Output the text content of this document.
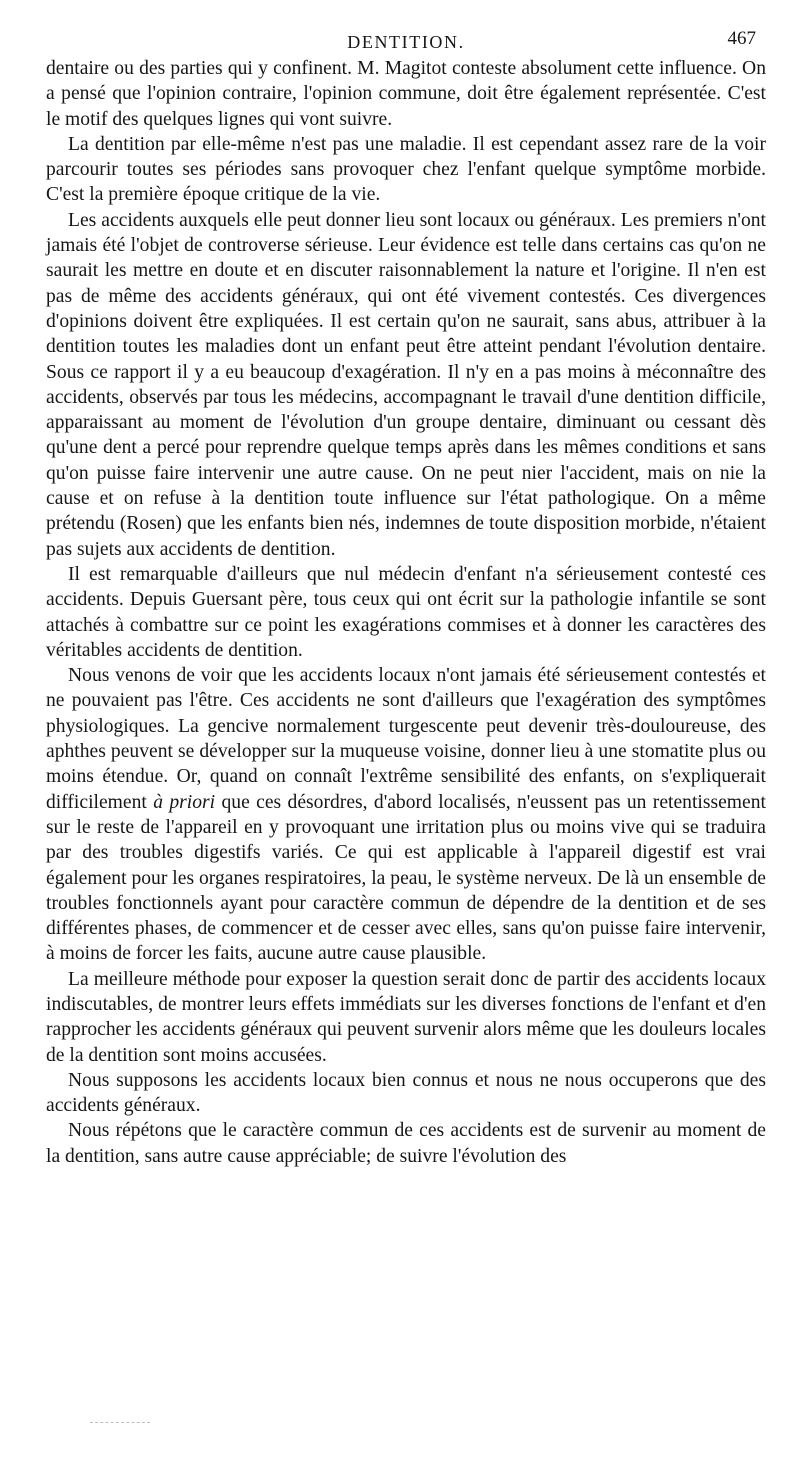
DENTITION.	467

dentaire ou des parties qui y confinent. M. Magitot conteste absolument cette influence. On a pensé que l'opinion contraire, l'opinion commune, doit être également représentée. C'est le motif des quelques lignes qui vont suivre.

La dentition par elle-même n'est pas une maladie. Il est cependant assez rare de la voir parcourir toutes ses périodes sans provoquer chez l'enfant quelque symptôme morbide. C'est la première époque critique de la vie.

Les accidents auxquels elle peut donner lieu sont locaux ou généraux. Les premiers n'ont jamais été l'objet de controverse sérieuse. Leur évidence est telle dans certains cas qu'on ne saurait les mettre en doute et en discuter raisonnablement la nature et l'origine. Il n'en est pas de même des accidents généraux, qui ont été vivement contestés. Ces divergences d'opinions doivent être expliquées. Il est certain qu'on ne saurait, sans abus, attribuer à la dentition toutes les maladies dont un enfant peut être atteint pendant l'évolution dentaire. Sous ce rapport il y a eu beaucoup d'exagération. Il n'y en a pas moins à méconnaître des accidents, observés par tous les médecins, accompagnant le travail d'une dentition difficile, apparaissant au moment de l'évolution d'un groupe dentaire, diminuant ou cessant dès qu'une dent a percé pour reprendre quelque temps après dans les mêmes conditions et sans qu'on puisse faire intervenir une autre cause. On ne peut nier l'accident, mais on nie la cause et on refuse à la dentition toute influence sur l'état pathologique. On a même prétendu (Rosen) que les enfants bien nés, indemnes de toute disposition morbide, n'étaient pas sujets aux accidents de dentition.

Il est remarquable d'ailleurs que nul médecin d'enfant n'a sérieusement contesté ces accidents. Depuis Guersant père, tous ceux qui ont écrit sur la pathologie infantile se sont attachés à combattre sur ce point les exagérations commises et à donner les caractères des véritables accidents de dentition.

Nous venons de voir que les accidents locaux n'ont jamais été sérieusement contestés et ne pouvaient pas l'être. Ces accidents ne sont d'ailleurs que l'exagération des symptômes physiologiques. La gencive normalement turgescente peut devenir très-douloureuse, des aphthes peuvent se développer sur la muqueuse voisine, donner lieu à une stomatite plus ou moins étendue. Or, quand on connaît l'extrême sensibilité des enfants, on s'expliquerait difficilement à priori que ces désordres, d'abord localisés, n'eussent pas un retentissement sur le reste de l'appareil en y provoquant une irritation plus ou moins vive qui se traduira par des troubles digestifs variés. Ce qui est applicable à l'appareil digestif est vrai également pour les organes respiratoires, la peau, le système nerveux. De là un ensemble de troubles fonctionnels ayant pour caractère commun de dépendre de la dentition et de ses différentes phases, de commencer et de cesser avec elles, sans qu'on puisse faire intervenir, à moins de forcer les faits, aucune autre cause plausible.

La meilleure méthode pour exposer la question serait donc de partir des accidents locaux indiscutables, de montrer leurs effets immédiats sur les diverses fonctions de l'enfant et d'en rapprocher les accidents généraux qui peuvent survenir alors même que les douleurs locales de la dentition sont moins accusées.

Nous supposons les accidents locaux bien connus et nous ne nous occuperons que des accidents généraux.

Nous répétons que le caractère commun de ces accidents est de survenir au moment de la dentition, sans autre cause appréciable; de suivre l'évolution des
